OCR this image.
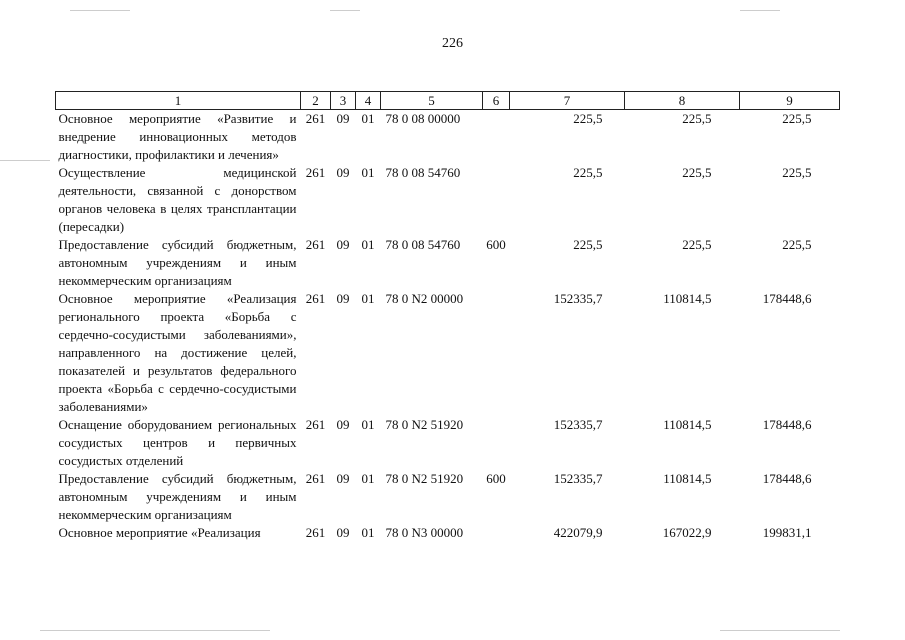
226
1	2	3	4	5	6	7	8	9
Основное мероприятие «Развитие и внедрение инновационных методов диагностики, профилактики и лечения»	261	09	01	78 0 08 00000		225,5	225,5	225,5
Осуществление медицинской деятельности, связанной с донорством органов человека в целях трансплантации (пересадки)	261	09	01	78 0 08 54760		225,5	225,5	225,5
Предоставление субсидий бюджетным, автономным учреждениям и иным некоммерческим организациям	261	09	01	78 0 08 54760	600	225,5	225,5	225,5
Основное мероприятие «Реализация регионального проекта «Борьба с сердечно-сосудистыми заболеваниями», направленного на достижение целей, показателей и результатов федерального проекта «Борьба с сердечно-сосудистыми заболеваниями»	261	09	01	78 0 N2 00000		152335,7	110814,5	178448,6
Оснащение оборудованием региональных сосудистых центров и первичных сосудистых отделений	261	09	01	78 0 N2 51920		152335,7	110814,5	178448,6
Предоставление субсидий бюджетным, автономным учреждениям и иным некоммерческим организациям	261	09	01	78 0 N2 51920	600	152335,7	110814,5	178448,6
Основное мероприятие «Реализация	261	09	01	78 0 N3 00000		422079,9	167022,9	199831,1
